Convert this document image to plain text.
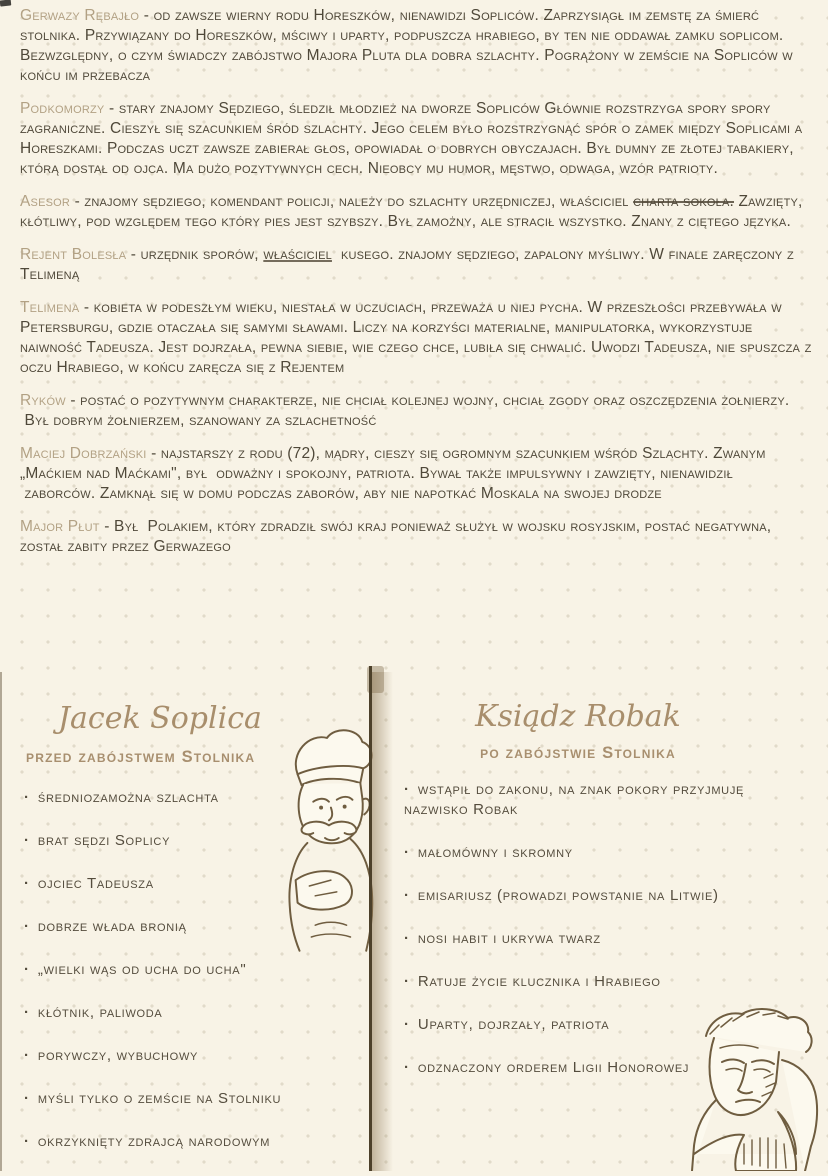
Gerwazy Rębajło - od zawsze wierny rodu Horeszków, nienawidzi Sopliców. Zaprzysiągł im zemstę za śmierć stolnika. Przywiązany do Horeszków, mściwy i uparty, podpuszcza hrabiego, by ten nie oddawał zamku soplicom. Bezwzględny, o czym świadczy zabójstwo Majora Pluta dla dobra szlachty. Pogrążony w zemście na Sopliców w końcu im przebacza

Podkomorzy - stary znajomy Sędziego, śledził młodzież na dworze Sopliców Głównie rozstrzyga spory spory zagraniczne. Cieszył się szacunkiem śród szlachty. Jego celem było rozstrzygnąć spór o zamek między Soplicami a Horeszkami. Podczas uczt zawsze zabierał głos, opowiadał o dobrych obyczajach. Był dumny ze złotej tabakiery, którą dostał od ojca. Ma dużo pozytywnych cech. Nieobcy mu humor, męstwo, odwaga, wzór patrioty.

Asesor - znajomy sędziego, komendant policji, należy do szlachty urzędniczej, właściciel charta sokoła. Zawzięty, kłótliwy, pod względem tego który pies jest szybszy. Był zamożny, ale stracił wszystko. Znany z ciętego języka.

Rejent Bolesła - urzędnik sporów, właściciel  kusego. znajomy sędziego, zapalony myśliwy. W finale zaręczony z Telimeną

Telimena - kobieta w podeszłym wieku, niestała w uczuciach, przeważa u niej pycha. W przeszłości przebywała w Petersburgu, gdzie otaczała się samymi sławami. Liczy na korzyści materialne, manipulatorka, wykorzystuje naiwność Tadeusza. Jest dojrzała, pewna siebie, wie czego chce, lubiła się chwalić. Uwodzi Tadeusza, nie spuszcza z oczu Hrabiego, w końcu zaręcza się z Rejentem

Ryków - postać o pozytywnym charakterze, nie chciał kolejnej wojny, chciał zgody oraz oszczędzenia żołnierzy.  Był dobrym żołnierzem, szanowany za szlachetność

Maciej Dobrzański - najstarszy z rodu (72), mądry, cieszy się ogromnym szacunkiem wśród Szlachty. Zwanym „Maćkiem nad Maćkami", był  odważny i spokojny, patriota. Bywał także impulsywny i zawzięty, nienawidził  zaborców. Zamknął się w domu podczas zaborów, aby nie napotkać Moskala na swojej drodze

Major Płut - Był  Polakiem, który zdradził swój kraj ponieważ służył w wojsku rosyjskim, postać negatywna, został zabity przez Gerwazego

Jacek Soplica
przed zabójstwem Stolnika
· średniozamożna szlachta
· brat sędzi Soplicy
· ojciec Tadeusza
· dobrze włada bronią
· „wielki wąs od ucha do ucha"
· kłótnik, paliwoda
· porywczy, wybuchowy
· myśli tylko o zemście na Stolniku
· okrzyknięty zdrajcą narodowym
Ksiądz Robak
po zabójstwie Stolnika
· wstąpił do zakonu, na znak pokory przyjmuję nazwisko Robak
· małomówny i skromny
· emisariusz (prowadzi powstanie na Litwie)
· nosi habit i ukrywa twarz
· Ratuje życie klucznika i Hrabiego
· Uparty, dojrzały, patriota
· odznaczony orderem Ligii Honorowej
